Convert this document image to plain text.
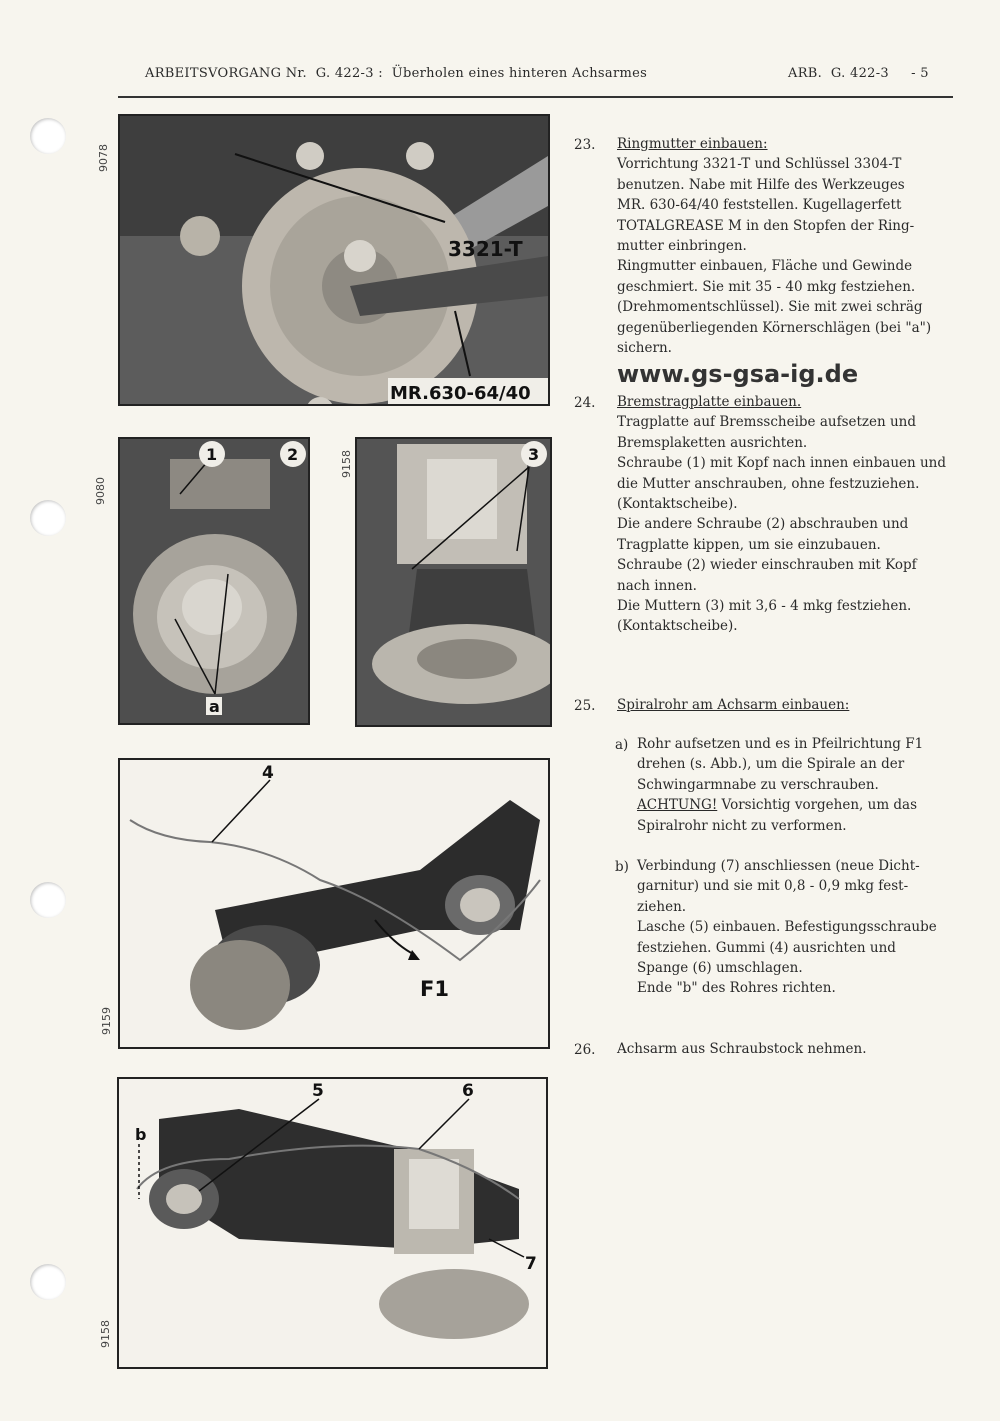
ARBEITSVORGANG Nr.  G. 422-3 :  Überholen eines hinteren Achsarmes	ARB.  G. 422-3     - 5
9078
3321-T
MR.630-64/40
9080
1	2
a
9158	3
9159
4
F1
9158
5	6
7
b
23. Ringmutter einbauen:
Vorrichtung 3321-T und Schlüssel 3304-T
benutzen. Nabe mit Hilfe des Werkzeuges
MR. 630-64/40 feststellen. Kugellagerfett
TOTALGREASE M in den Stopfen der Ring-
mutter einbringen.
Ringmutter einbauen, Fläche und Gewinde
geschmiert. Sie mit 35 - 40 mkg festziehen.
(Drehmomentschlüssel). Sie mit zwei schräg
gegenüberliegenden Körnerschlägen (bei "a")
sichern.
www.gs-gsa-ig.de
24. Bremstragplatte einbauen.
Tragplatte auf Bremsscheibe aufsetzen und
Bremsplaketten ausrichten.
Schraube (1) mit Kopf nach innen einbauen und
die Mutter anschrauben, ohne festzuziehen.
(Kontaktscheibe).
Die andere Schraube (2) abschrauben und
Tragplatte kippen, um sie einzubauen.
Schraube (2) wieder einschrauben mit Kopf
nach innen.
Die Muttern (3) mit 3,6 - 4 mkg festziehen.
(Kontaktscheibe).
25. Spiralrohr am Achsarm einbauen:
a) Rohr aufsetzen und es in Pfeilrichtung F1
drehen (s. Abb.), um die Spirale an der
Schwingarmnabe zu verschrauben.
ACHTUNG! Vorsichtig vorgehen, um das
Spiralrohr nicht zu verformen.
b) Verbindung (7) anschliessen (neue Dicht-
garnitur) und sie mit 0,8 - 0,9 mkg fest-
ziehen.
Lasche (5) einbauen. Befestigungsschraube
festziehen. Gummi (4) ausrichten und
Spange (6) umschlagen.
Ende "b" des Rohres richten.
26. Achsarm aus Schraubstock nehmen.
